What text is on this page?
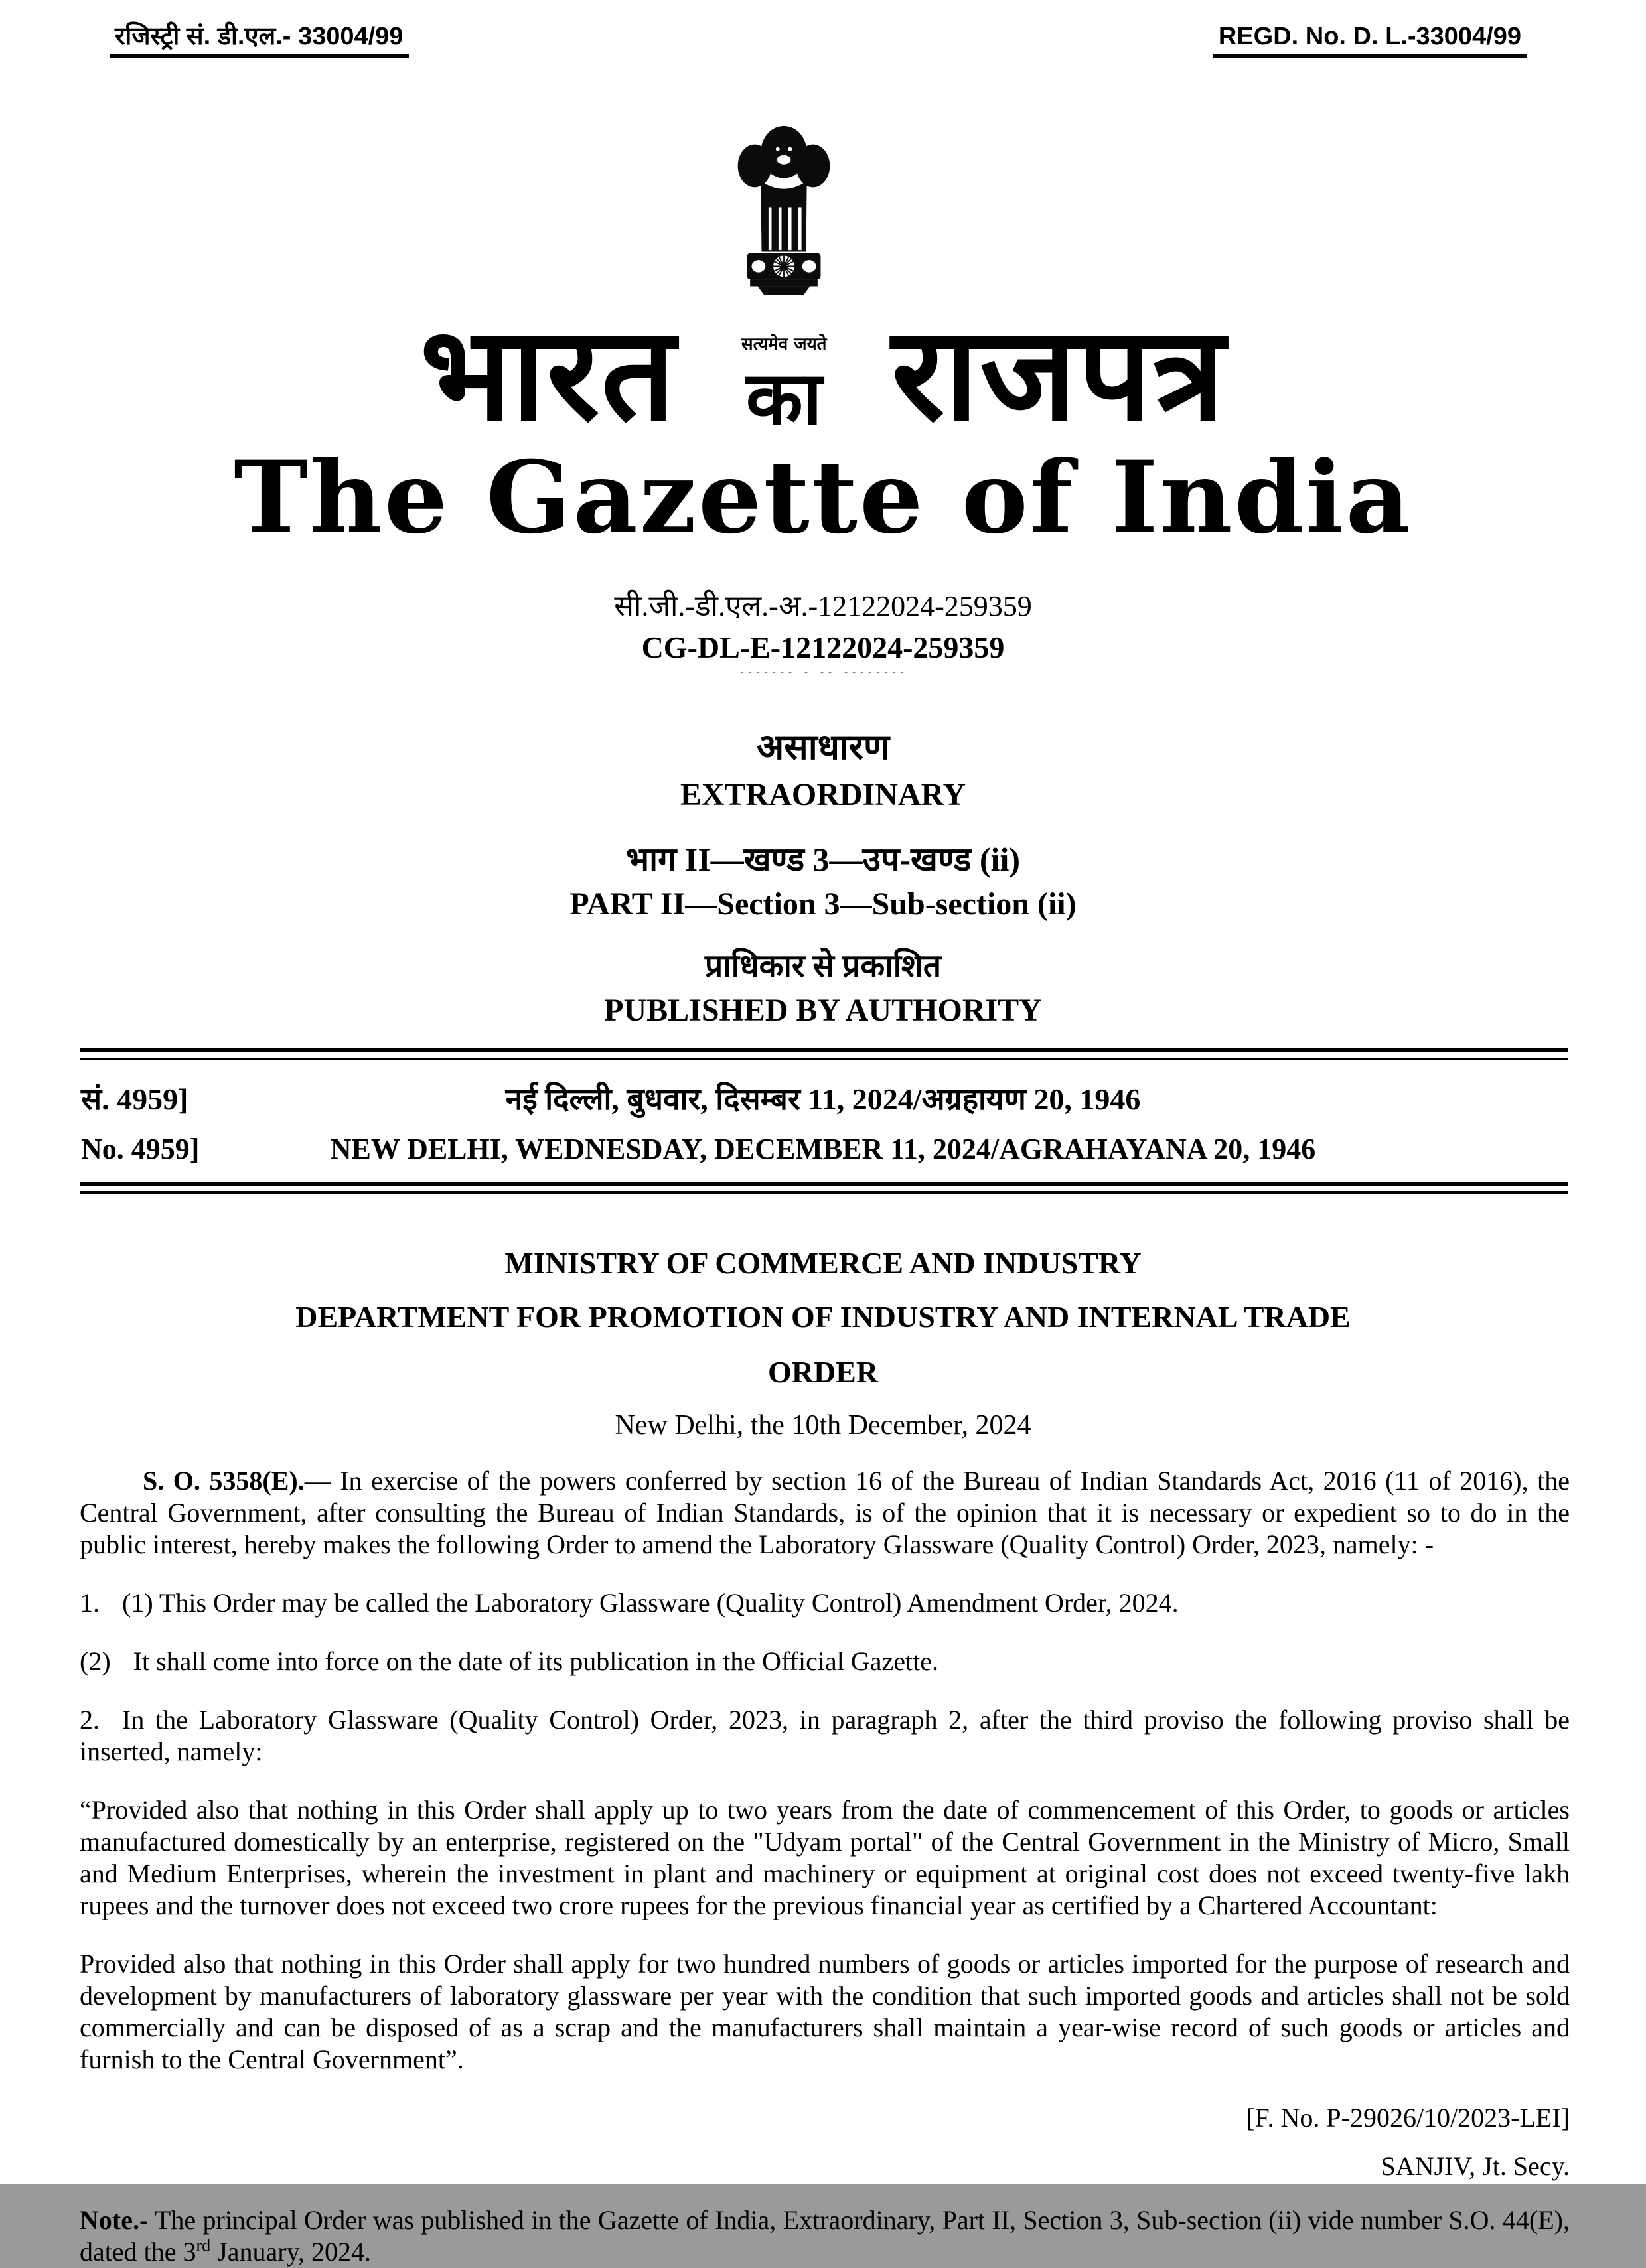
रजिस्ट्री सं. डी.एल.- 33004/99	REGD. No. D. L.-33004/99
भारत	सत्यमेव जयते
का राजपत्र
The Gazette of India
सी.जी.-डी.एल.-अ.-12122024-259359
CG-DL-E-12122024-259359
------- - -- --------
असाधारण
EXTRAORDINARY
भाग II—खण्ड 3—उप-खण्ड (ii)
PART II—Section 3—Sub-section (ii)
प्राधिकार से प्रकाशित
PUBLISHED BY AUTHORITY
सं. 4959]	नई दिल्ली, बुधवार, दिसम्बर 11, 2024/अग्रहायण 20, 1946
No. 4959]	NEW DELHI, WEDNESDAY, DECEMBER 11, 2024/AGRAHAYANA 20, 1946
MINISTRY OF COMMERCE AND INDUSTRY
DEPARTMENT FOR PROMOTION OF INDUSTRY AND INTERNAL TRADE
ORDER
New Delhi, the 10th December, 2024

S. O. 5358(E).— In exercise of the powers conferred by section 16 of the Bureau of Indian Standards Act, 2016 (11 of 2016), the Central Government, after consulting the Bureau of Indian Standards, is of the opinion that it is necessary or expedient so to do in the public interest, hereby makes the following Order to amend the Laboratory Glassware (Quality Control) Order, 2023, namely: -

1. (1) This Order may be called the Laboratory Glassware (Quality Control) Amendment Order, 2024.

(2) It shall come into force on the date of its publication in the Official Gazette.

2. In the Laboratory Glassware (Quality Control) Order, 2023, in paragraph 2, after the third proviso the following proviso shall be inserted, namely:

“Provided also that nothing in this Order shall apply up to two years from the date of commencement of this Order, to goods or articles manufactured domestically by an enterprise, registered on the "Udyam portal" of the Central Government in the Ministry of Micro, Small and Medium Enterprises, wherein the investment in plant and machinery or equipment at original cost does not exceed twenty-five lakh rupees and the turnover does not exceed two crore rupees for the previous financial year as certified by a Chartered Accountant:

Provided also that nothing in this Order shall apply for two hundred numbers of goods or articles imported for the purpose of research and development by manufacturers of laboratory glassware per year with the condition that such imported goods and articles shall not be sold commercially and can be disposed of as a scrap and the manufacturers shall maintain a year-wise record of such goods or articles and furnish to the Central Government”.

[F. No. P-29026/10/2023-LEI]
SANJIV, Jt. Secy.
Note.- The principal Order was published in the Gazette of India, Extraordinary, Part II, Section 3, Sub-section (ii) vide number S.O. 44(E), dated the 3rd January, 2024.
